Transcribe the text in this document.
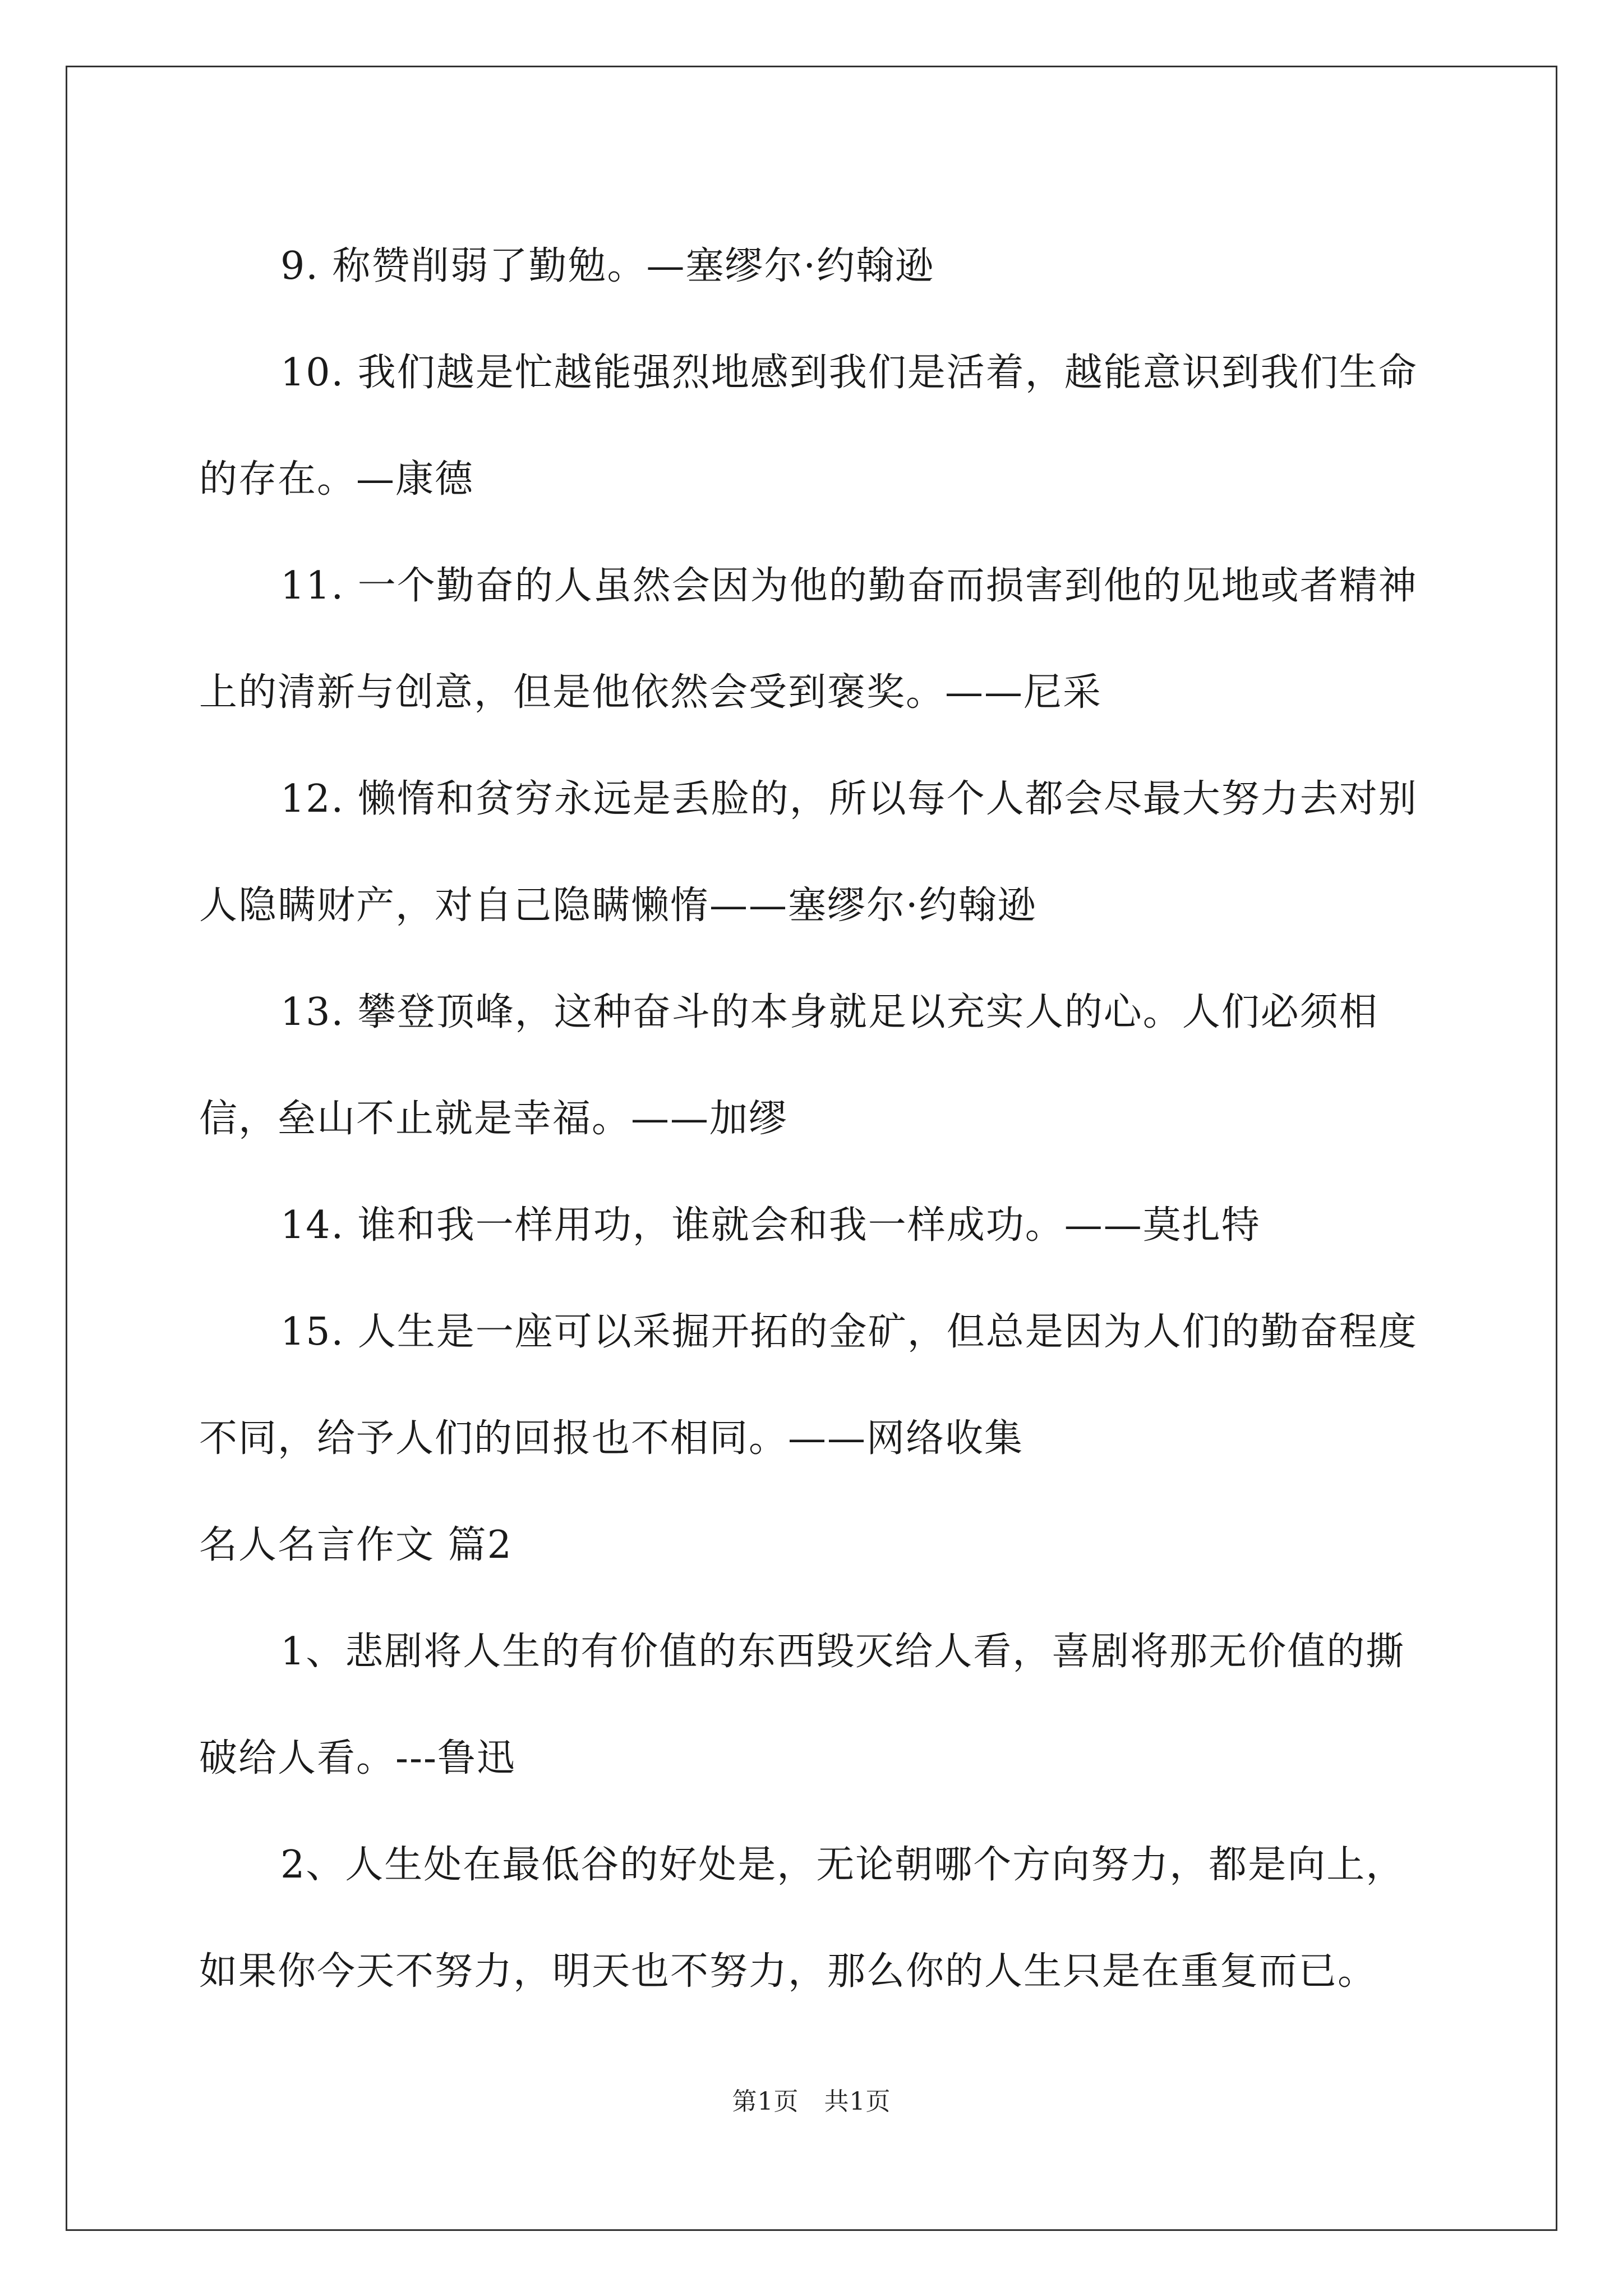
9. 称赞削弱了勤勉。—塞缪尔·约翰逊

10. 我们越是忙越能强烈地感到我们是活着，越能意识到我们生命的存在。—康德

11. 一个勤奋的人虽然会因为他的勤奋而损害到他的见地或者精神上的清新与创意，但是他依然会受到褒奖。——尼采

12. 懒惰和贫穷永远是丢脸的，所以每个人都会尽最大努力去对别人隐瞒财产，对自己隐瞒懒惰——塞缪尔·约翰逊

13. 攀登顶峰，这种奋斗的本身就足以充实人的心。人们必须相信，垒山不止就是幸福。——加缪

14. 谁和我一样用功，谁就会和我一样成功。——莫扎特

15. 人生是一座可以采掘开拓的金矿，但总是因为人们的勤奋程度不同，给予人们的回报也不相同。——网络收集

名人名言作文 篇2

1、悲剧将人生的有价值的东西毁灭给人看，喜剧将那无价值的撕破给人看。---鲁迅

2、人生处在最低谷的好处是，无论朝哪个方向努力，都是向上，如果你今天不努力，明天也不努力，那么你的人生只是在重复而已。

第1页 共1页
